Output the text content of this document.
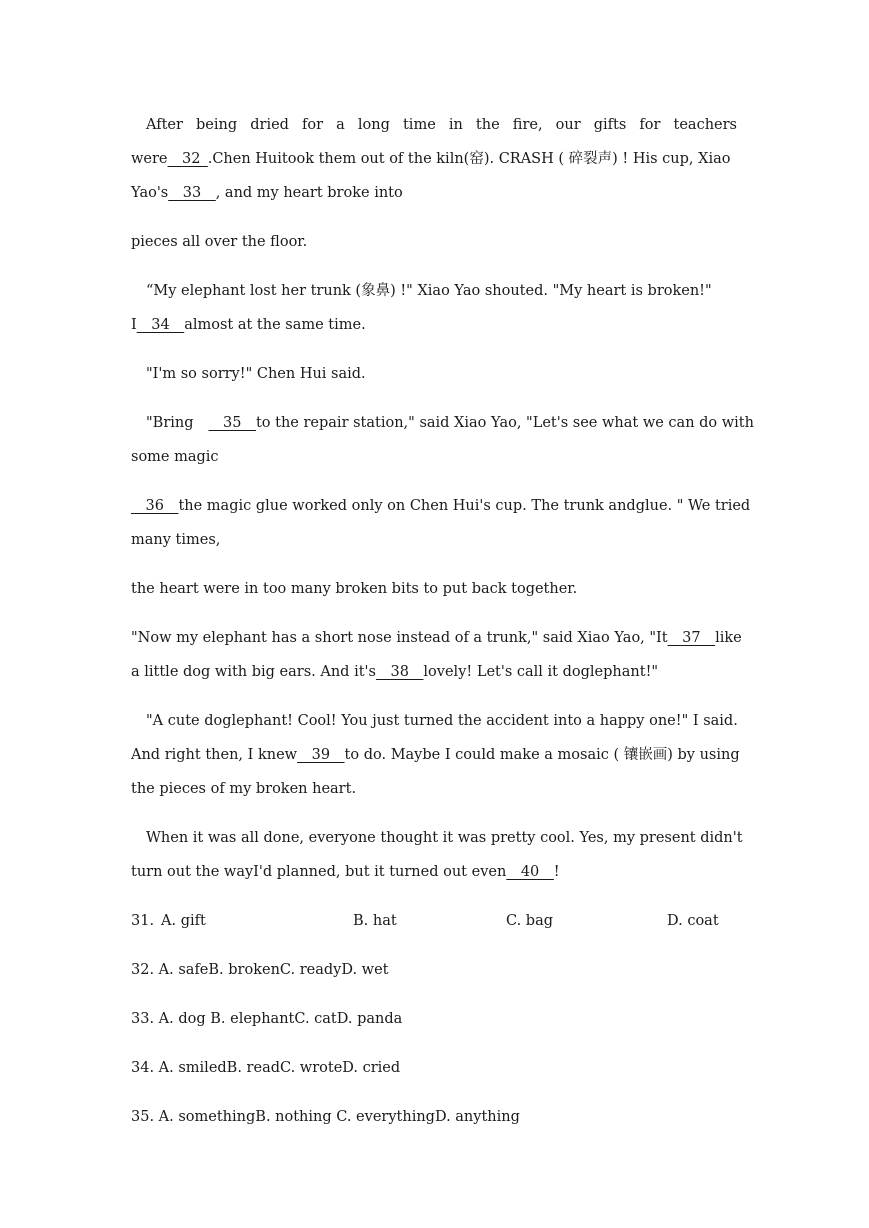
After being dried for a long time in the fire, our gifts for teachers
were__32_.Chen Huitook them out of the kiln(窑). CRASH ( 碎裂声) ! His cup, Xiao
Yao's__33__, and my heart broke into

pieces all over the floor.

“My elephant lost her trunk (象鼻) !" Xiao Yao shouted. "My heart is broken!"
I__34__almost at the same time.

"I'm so sorry!" Chen Hui said.

"Bring __35__to the repair station," said Xiao Yao, "Let's see what we can do with
some magic

__36__the magic glue worked only on Chen Hui's cup. The trunk andglue. " We tried
many times,

the heart were in too many broken bits to put back together.

"Now my elephant has a short nose instead of a trunk," said Xiao Yao, "It__37__like
a little dog with big ears. And it's__38__lovely! Let's call it doglephant!"

"A cute doglephant! Cool! You just turned the accident into a happy one!" I said.
And right then, I knew__39__to do. Maybe I could make a mosaic ( 镶嵌画) by using
the pieces of my broken heart.

When it was all done, everyone thought it was pretty cool. Yes, my present didn't
turn out the wayI'd planned, but it turned out even__40__!

31. A. gift	B. hat	C. bag	D. coat

32. A. safeB. brokenC. readyD. wet

33. A. dog B. elephantC. catD. panda

34. A. smiledB. readC. wroteD. cried

35. A. somethingB. nothing C. everythingD. anything
